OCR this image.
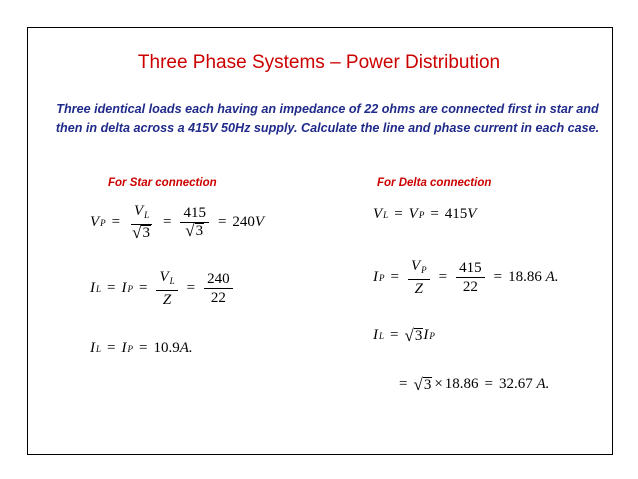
Three Phase Systems – Power Distribution
Three identical loads each having an impedance of 22 ohms are connected first in star and then in delta across a 415V 50Hz supply. Calculate the line and phase current in each case.
For Star connection	For Delta connection
V $P = \frac{V_L}{√ 3} = \frac{415}{√ 3} = 240$ V
I L = I $P = \frac{V_L}{Z} = \frac{240}{22}$
I L = I P = 10.9 A.
V L = V P = 415 V
I $P = \frac{V_P}{Z} = \frac{415}{22} = 18.86$
A.
I L = √ 3 I P
= √ 3 × 18.86 = 32.67
A.
